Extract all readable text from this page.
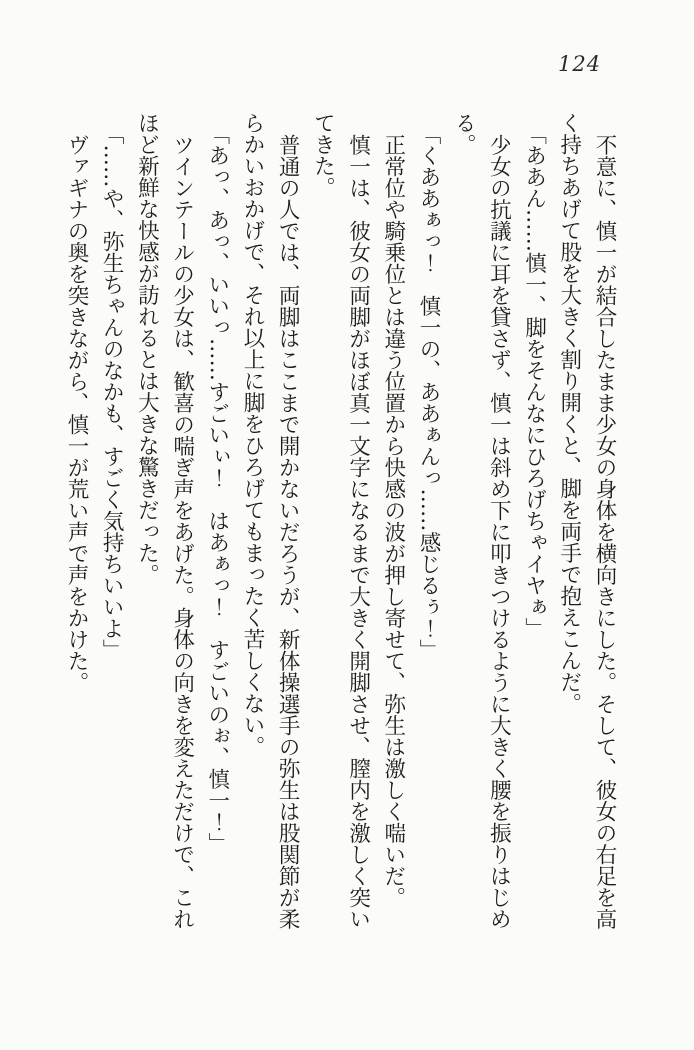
124

不意に、慎一が結合したまま少女の身体を横向きにした。そして、彼女の右足を高く持ちあげて股を大きく割り開くと、脚を両手で抱えこんだ。

「ああん……慎一、脚をそんなにひろげちゃイヤぁ」

少女の抗議に耳を貸さず、慎一は斜め下に叩きつけるように大きく腰を振りはじめる。

「くああぁっ！　慎一の、ああぁんっ……感じるぅ！」

正常位や騎乗位とは違う位置から快感の波が押し寄せて、弥生は激しく喘いだ。

慎一は、彼女の両脚がほぼ真一文字になるまで大きく開脚させ、膣内を激しく突いてきた。

普通の人では、両脚はここまで開かないだろうが、新体操選手の弥生は股関節が柔らかいおかげで、それ以上に脚をひろげてもまったく苦しくない。

「あっ、あっ、いいっ……すごいぃ！　はあぁっ！　すごいのぉ、慎一！」

ツインテールの少女は、歓喜の喘ぎ声をあげた。身体の向きを変えただけで、これほど新鮮な快感が訪れるとは大きな驚きだった。

「……や、弥生ちゃんのなかも、すごく気持ちいいよ」

ヴァギナの奥を突きながら、慎一が荒い声で声をかけた。
